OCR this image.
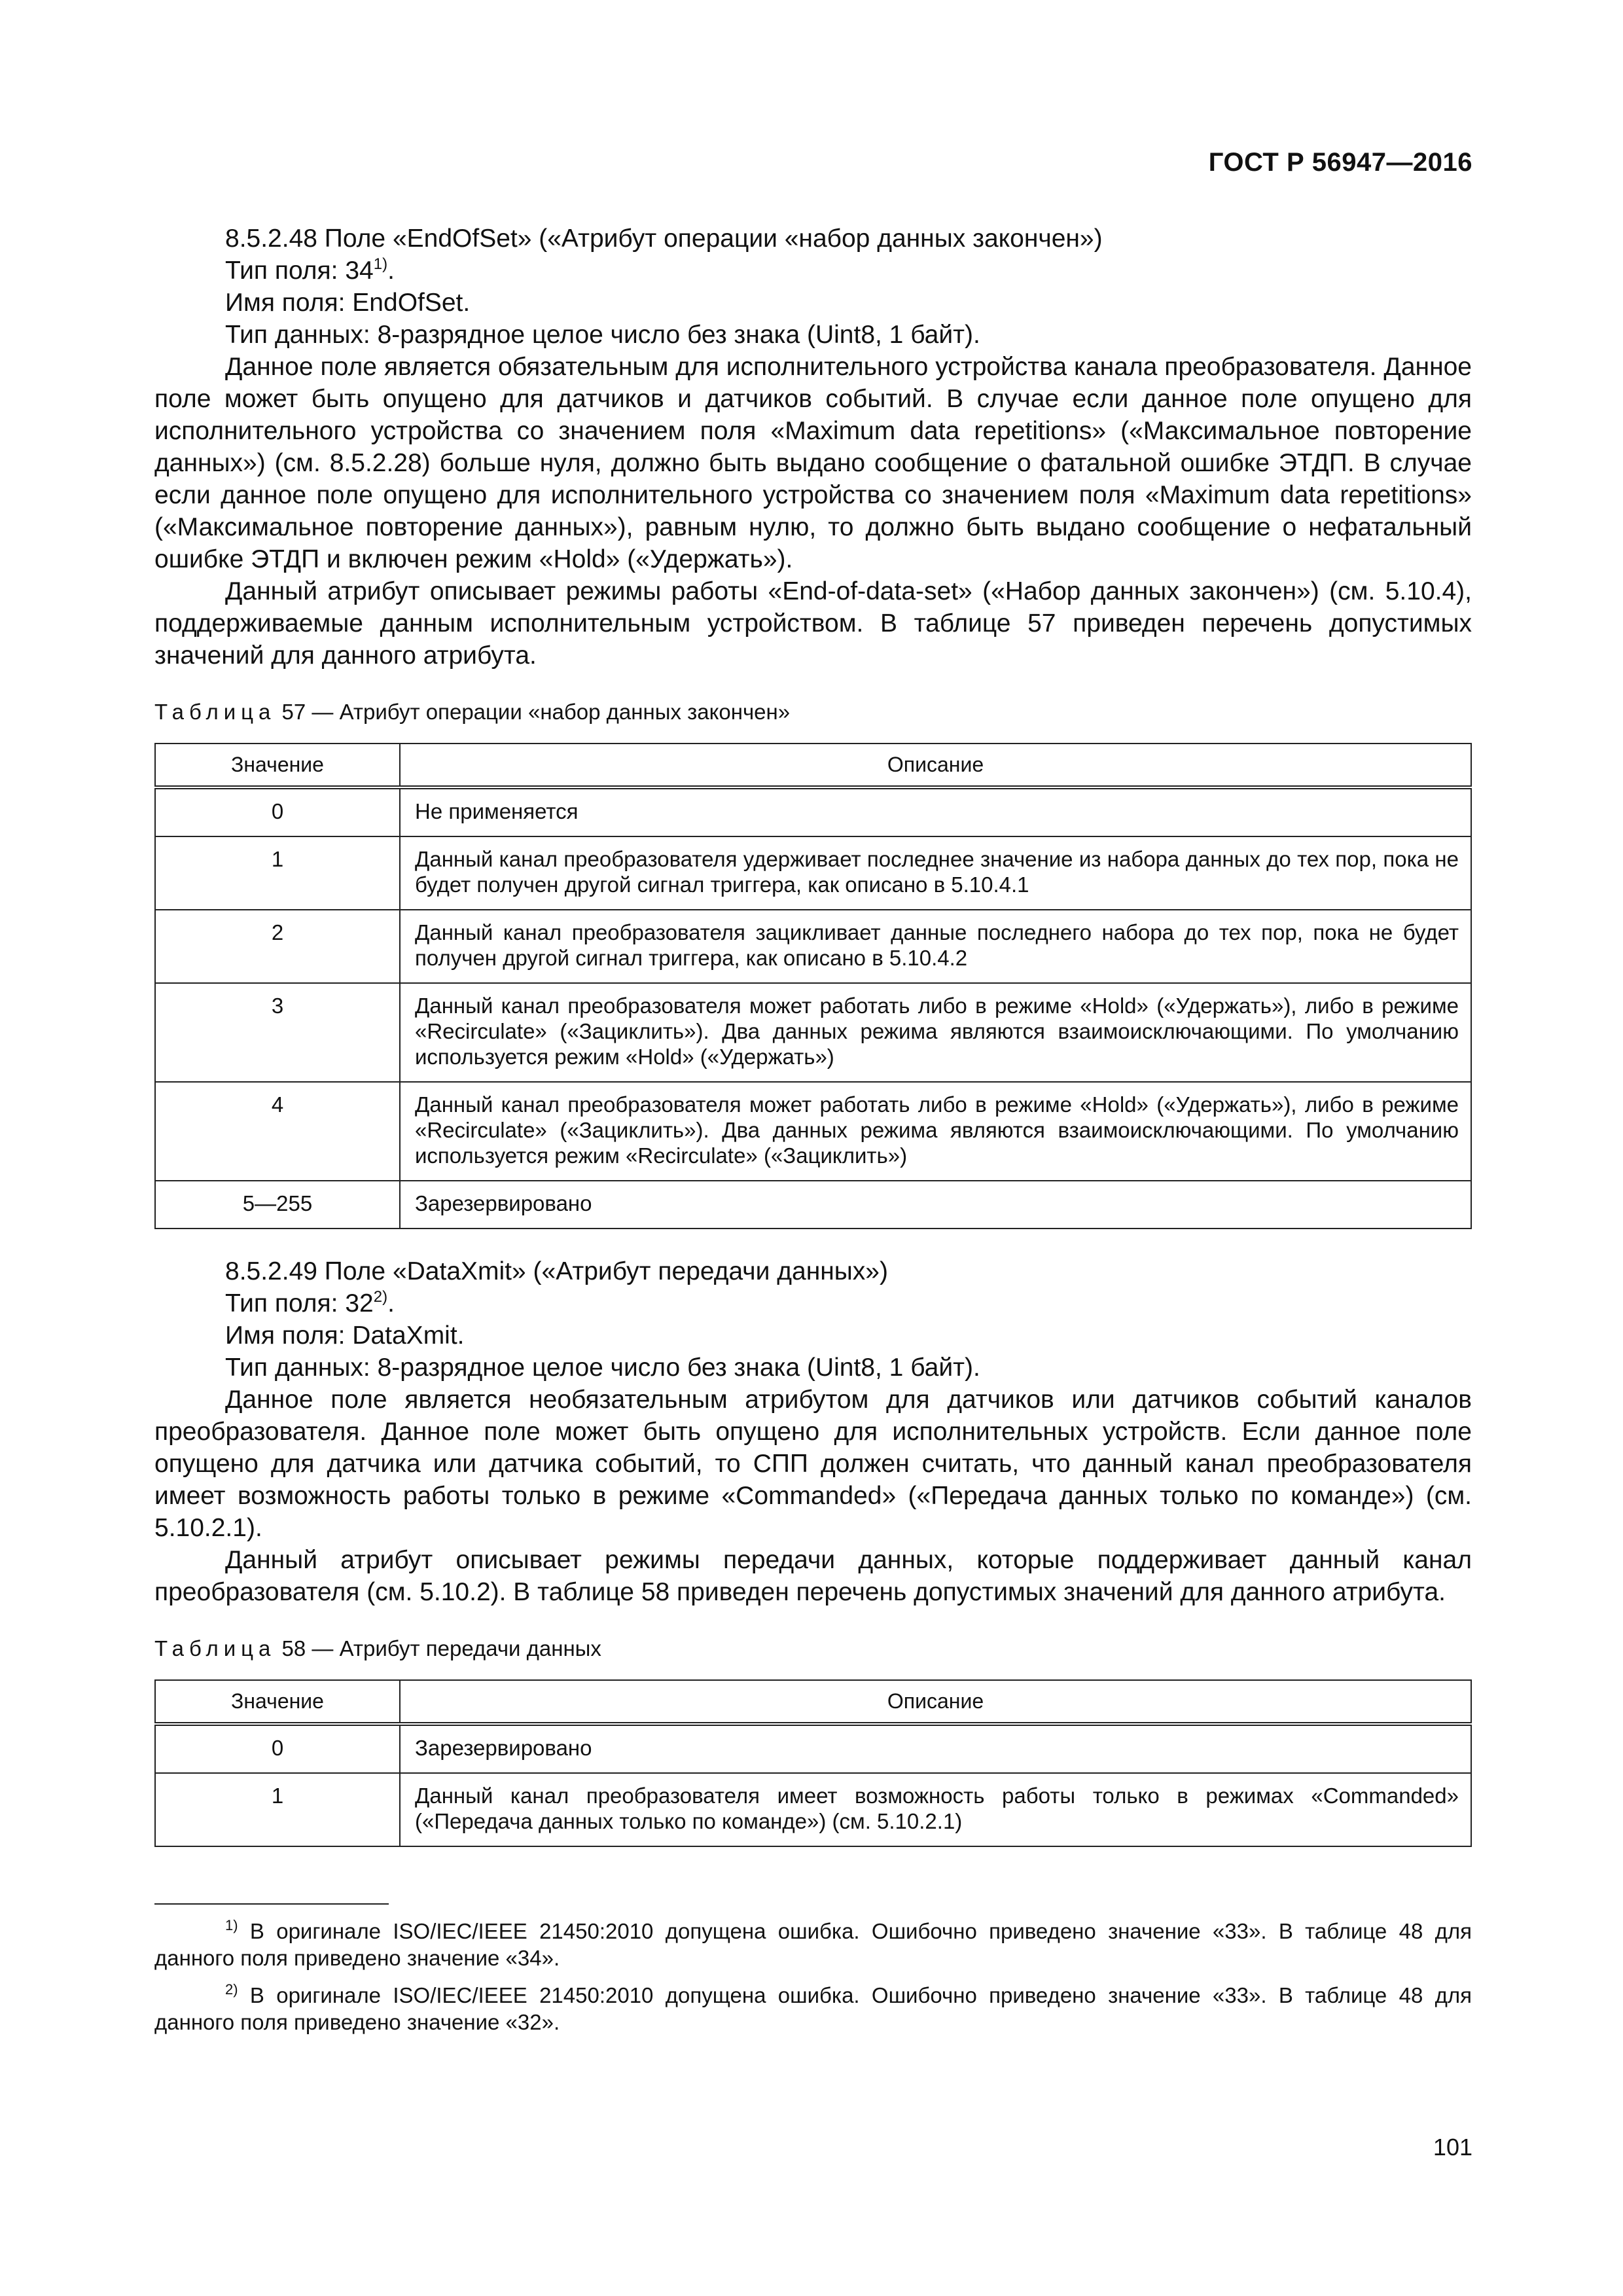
ГОСТ Р 56947—2016

8.5.2.48 Поле «EndOfSet» («Атрибут операции «набор данных закончен»)

Тип поля: 34$^{1)}$.

Имя поля: EndOfSet.

Тип данных: 8-разрядное целое число без знака (Uint8, 1 байт).

Данное поле является обязательным для исполнительного устройства канала преобразователя. Данное поле может быть опущено для датчиков и датчиков событий. В случае если данное поле опущено для исполнительного устройства со значением поля «Maximum data repetitions» («Максимальное повторение данных») (см. 8.5.2.28) больше нуля, должно быть выдано сообщение о фатальной ошибке ЭТДП. В случае если данное поле опущено для исполнительного устройства со значением поля «Maximum data repetitions» («Максимальное повторение данных»), равным нулю, то должно быть выдано сообщение о нефатальный ошибке ЭТДП и включен режим «Hold» («Удержать»).

Данный атрибут описывает режимы работы «End-of-data-set» («Набор данных закончен») (см. 5.10.4), поддерживаемые данным исполнительным устройством. В таблице 57 приведен перечень допустимых значений для данного атрибута.

Таблица 57 — Атрибут операции «набор данных закончен»
Значение	Описание
0	Не применяется
1	Данный канал преобразователя удерживает последнее значение из набора данных до тех пор, пока не будет получен другой сигнал триггера, как описано в 5.10.4.1
2	Данный канал преобразователя зацикливает данные последнего набора до тех пор, пока не будет получен другой сигнал триггера, как описано в 5.10.4.2
3	Данный канал преобразователя может работать либо в режиме «Hold» («Удержать»), либо в режиме «Recirculate» («Зациклить»). Два данных режима являются взаимоисключающими. По умолчанию используется режим «Hold» («Удержать»)
4	Данный канал преобразователя может работать либо в режиме «Hold» («Удержать»), либо в режиме «Recirculate» («Зациклить»). Два данных режима являются взаимоисключающими. По умолчанию используется режим «Recirculate» («Зациклить»)
5—255	Зарезервировано

8.5.2.49 Поле «DataXmit» («Атрибут передачи данных»)

Тип поля: 32$^{2)}$.

Имя поля: DataXmit.

Тип данных: 8-разрядное целое число без знака (Uint8, 1 байт).

Данное поле является необязательным атрибутом для датчиков или датчиков событий каналов преобразователя. Данное поле может быть опущено для исполнительных устройств. Если данное поле опущено для датчика или датчика событий, то СПП должен считать, что данный канал преобразователя имеет возможность работы только в режиме «Commanded» («Передача данных только по команде») (см. 5.10.2.1).

Данный атрибут описывает режимы передачи данных, которые поддерживает данный канал преобразователя (см. 5.10.2). В таблице 58 приведен перечень допустимых значений для данного атрибута.

Таблица 58 — Атрибут передачи данных
Значение	Описание
0	Зарезервировано
1	Данный канал преобразователя имеет возможность работы только в режимах «Commanded» («Передача данных только по команде») (см. 5.10.2.1)
$^{1)}$ В оригинале ISO/IEC/IEEE 21450:2010 допущена ошибка. Ошибочно приведено значение «33». В таблице 48 для данного поля приведено значение «34».
$^{2)}$ В оригинале ISO/IEC/IEEE 21450:2010 допущена ошибка. Ошибочно приведено значение «33». В таблице 48 для данного поля приведено значение «32».
101
